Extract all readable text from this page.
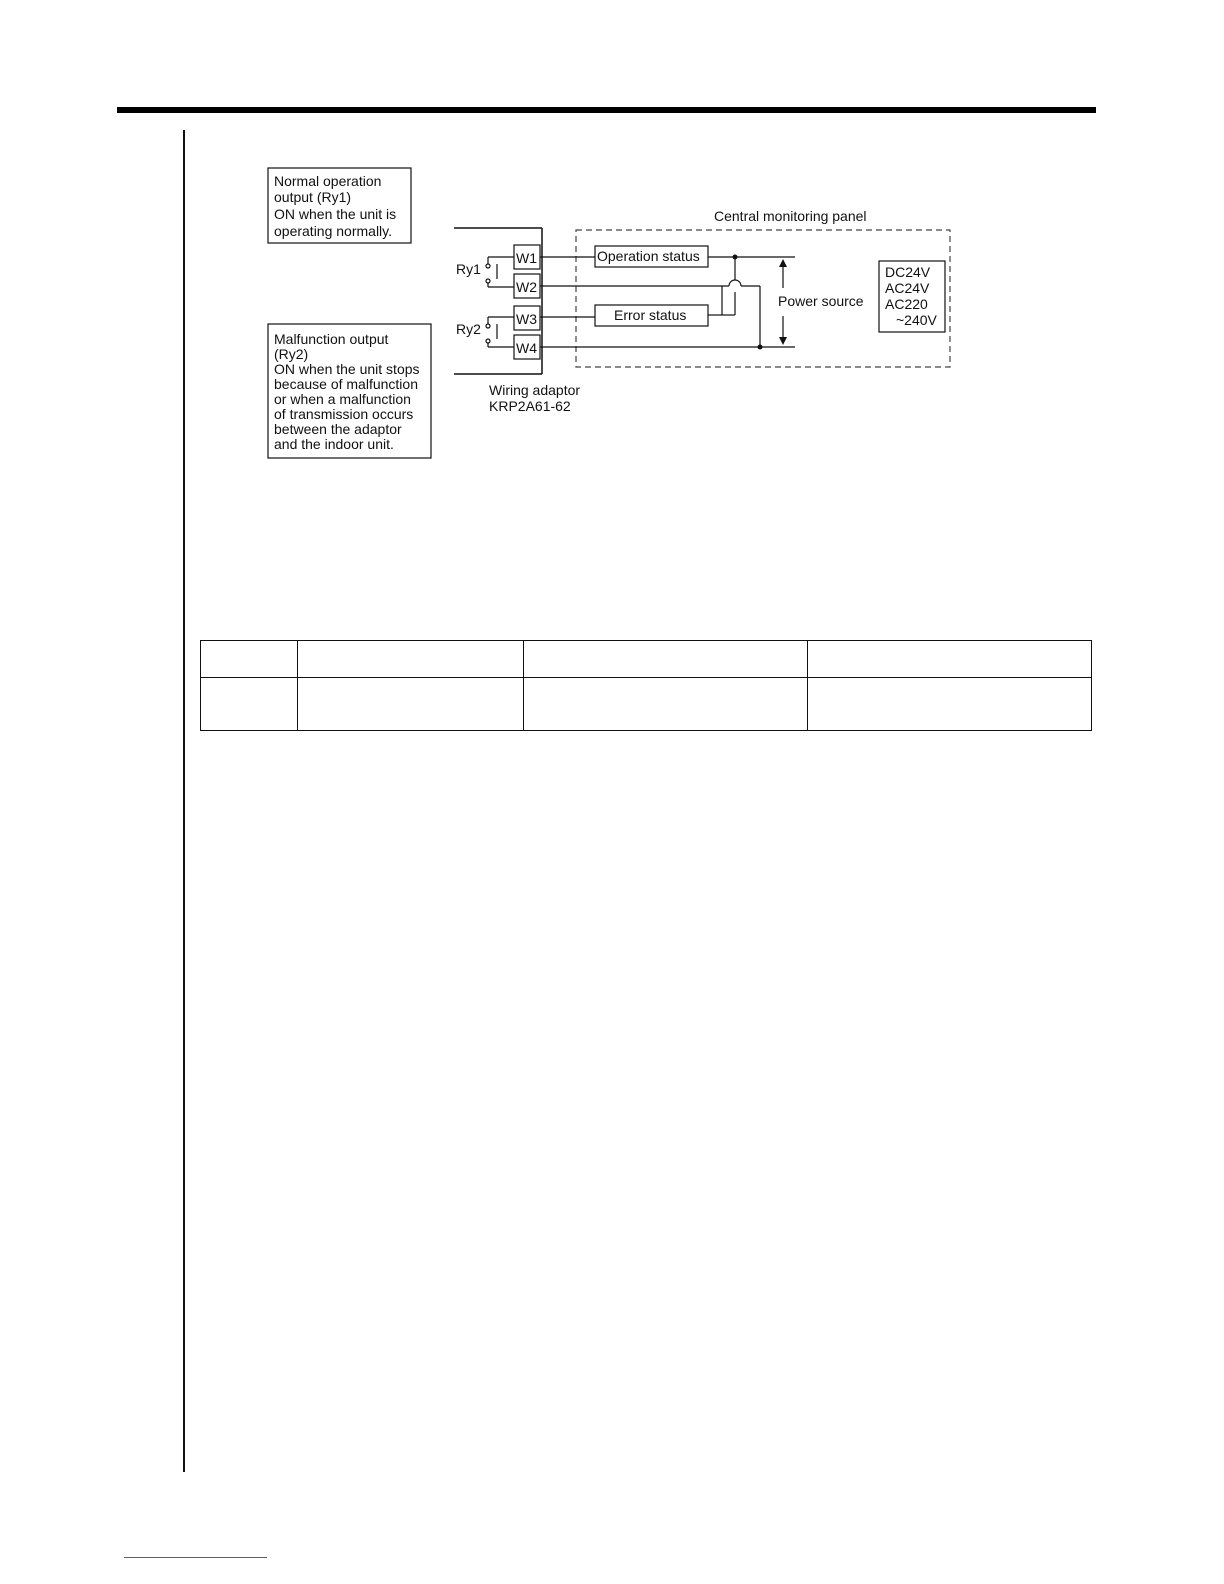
Normal operation
output (Ry1)
ON when the unit is
operating normally.
Malfunction output
(Ry2)
ON when the unit stops
because of malfunction
or when a malfunction
of transmission occurs
between the adaptor
and the indoor unit.
W1
W2
W3
W4
Ry1
Ry2
Central monitoring panel
Operation status
Error status
Power source
DC24V
AC24V
AC220
~240V
Wiring adaptor
KRP2A61-62
